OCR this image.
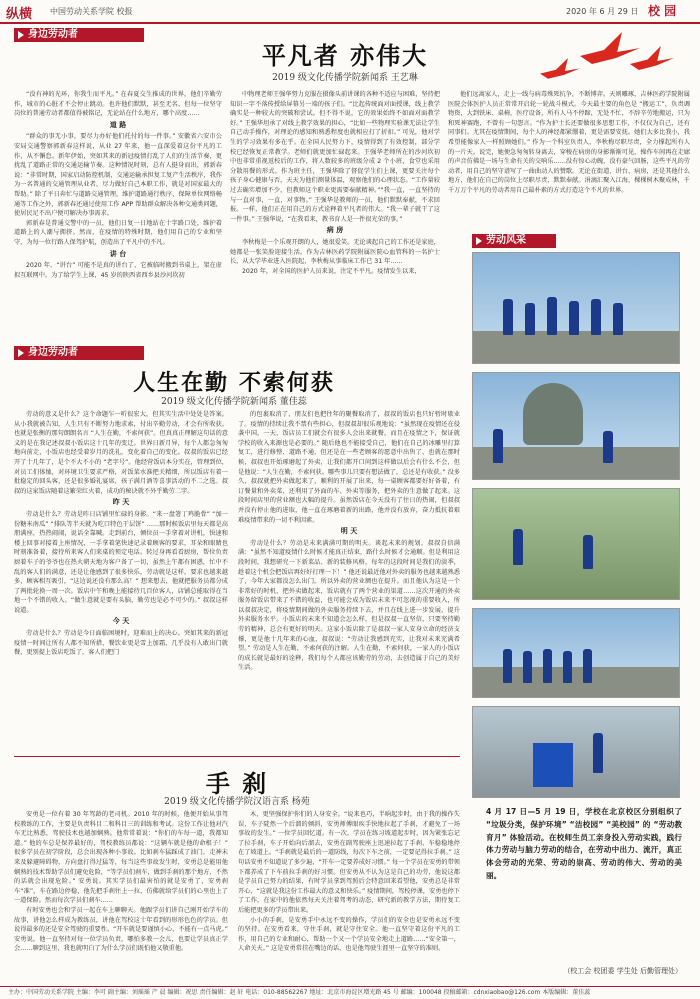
纵横 中国劳动关系学院 校报	2020 年 6 月 29 日 校 园
身边劳动者
平凡者 亦伟大
2019 级文化传播学院新闻系 王艺琳

“没有神的光环，你我生而平凡。” 在春夏交生推成的世界，他们辛勤劳作，城市的心脏才不会停止跳动。也许他们默默，甚至无名，但每一位坚守岗位的普通劳动者都值得被铭记，无论站在什么地方，哪个高度……

道 路

“群众的事无小事，要尽力办好他们托付的每一件事。” 安徽省六安市公安局交通警察郭新春这样说，从业 27 年来，他一直深爱着这份平凡的工作，从不懈怠。新年伊始，突如其来的新冠疫情打乱了人们的生活节奏，更扰乱了道路正常的交通运输节奏。这种情况时刻，总有人挺身而出，郭新春说：“非常时期，国家启动防控机制，交通运输承担复工复产生活秩序，我作为一名普通的交通管理从业者，尽力做好自己本职工作，就是对国家最大的帮助。” 除了平日奔忙与道路交通管理，维护道路通行秩序，保障单位网络畅通等工作之外，郭新春还通过使用工作 APP 帮助群众解决各种交通类问题，使居民足不出户便可解决办事需求。

郭新春是普通交警中的一员，他们日复一日地站在十字路口处，维护着道路上的人潮与拥挤。然而，在疫情的特殊时期，他们用自己的专业和坚守，为每一位行路人保驾护航，创造出了平凡中的不凡。

讲 台

2020 年，“讲台” 可能不是真的讲台了，它被临时搬到书桌上，架在虚拟互联网中。为了给学生上课，45 岁的陕西省西乡县沙河坎初

中物理老师王强华努力克服在摄像头前讲课的各种不适应与困难，坚持把知识一字不落传授给屏幕另一端的孩子们。“比起传统面对面授课，线上教学确实是一种较大的突破和尝试。但不得不说，它的效果始终不如面对面教学好。” 王强华坦承了对线上教学效果的担心，“比如一些物理实验课无法让学生自己动手操作，对理论的感知和熟悉程度也就相应打了折扣。” 可见，他对学生的学习效果有多在乎。在全国人民努力下，疫情得到了有效控制，部分学校已经恢复正常教学。老师们就更加忙碌起来。王强华老师所在的沙河坎初中也非常重视返校后的工作，将人数较多的班级分成 2 个小班，食堂也采用分散用餐的形式。作为班主任，王强华除了督促学生们上课，更要关注每个孩子身心健康与否，天天为他们测量体温，观察他们的心理状态。“工作量较过去确实增加不少，但教师这个职业更需要奉献精神。”“我一直，一直坚持的与一直对事，一直，对事物。” 王强华是教师的一员，他们默默奉献，不求回报。一样，他们正在用自己的方式诠释着平凡者的伟大。“我一辈子就干了这一件事。” 王强华说，“在我看来，教书育人是一件很光荣的事。”

病 房

李秋梅是一个乐观开朗的人，她很爱笑。无论谈起自己的工作还是家庭，她都是一张笑脸迎接生活。作为吉林医药学院附属医院心血管科的一名护士长，从大学毕业进入医院起，李秋梅从事临床工作已 31 年……

2020 年，对全国的医护人员来说，注定不平凡。疫情发生以来，

他们远离家人，走上一线与病毒殊死抗争，不断博弈。天则雕琢，吉林医药学院附属医院会体医护人员正常常开启轮一轮战斗模式。今天最主要的角色是 “搬运工”，负责调物资，大到铁床、桌椅，医疗设备，所有人马不停蹄，无处不忙，不辞辛劳地搬运，只为和死神赛跑，不曾有一句怨言。“作为护士长还要做很多思想工作，不仅仅为自己，还有同事们。尤其在疫情期间，每个人的神经都紧绷着，更是需要安抚。她们大多比我小，我希望能像家人一样照顾她们。” 作为一个科室负责人，李秋梅尽职尽责，全力撑起所有人的一片天。说完，她便急匆匆转身离去，穿梭在病房的身影渐渐可见，操作车间再在走廊的声音仿佛是一场与生命有关的交响乐……没有惊心动魄，没有豪气回肠，这些平凡的劳动者，用自己的坚守谱写了一曲曲动人的赞歌。无论在街道、讲台、病房，还是其他什么地方，他们在自己的岗位上尽职尽责，默默奉献。涓滴汇聚入江海，棵棵树木聚成林，千千万万个平凡的劳动者用自己最朴素的方式打造这个不凡的世界。

劳动风采
4 月 17 日—5 月 19 日，学校在北京校区分别组织了 “垃圾分类，保护环境” “洁校园” “美校园” 的 “劳动教育月” 体验活动。在校师生员工亲身投入劳动实践，践行体力劳动与脑力劳动的结合，在劳动中出力、流汗，真正体会劳动的光荣、劳动的崇高、劳动的伟大、劳动的美丽。
（校工会 校团委 学生处 后勤管理处）
身边劳动者
人生在勤 不索何获
2019 级文化传播学院新闻系 董佳蕊

劳动的意义是什么？这个命题乍一听很宏大，但其实生活中处处是答案。从小我就被告知，人生只有不断努力地求索，付出辛勤劳动，才会有所收获。也就是张衡的那句朗朗名言 “人生在勤，不索何获”。但真真正理解这句话的意义的是在我记述叔叔小饭店这十几年的变迁。世界日新月异，每个人都急匆匆地向前走，小饭店也经受着岁月的洗礼，变化着自己的变化。叔叔的饭店已经开了十几年了，是个不大不小的 “老字号”。他经营饭店本分实在，管理到位，对员工们体恤，对环境卫生要求严格，对饭菜水准把关精细，所以饭店有着一批稳定的回头客，还是很多婚礼宴席，孩子满月酒等喜事活动的不二之选。叔叔的这家饭店随着这繁荣红火着，成功的秘诀就不外乎勤劳二字。

昨 天

劳动是什么？劳动是昨日店铺里忙碌的身影。“来一盘箸丁鸡脆骨” “加一份糖米南瓜” “排队等半天就为吃口特色干层饼” ……那时候饭店里每天都是高朋满座，热热闹闹，说话全靠喊。走到前台，倾位员一手拿着对讲机，快速和楼上回事对接着上座情况，一手拿着笔快速记录着顾客的要求，耳朵和眼睛也时刻准备着，接待所来客人们来桌的预定电话。转过身再看看厨房，帮位负责厨着车子的爷爷也在热火朝天地为客户备了一切，虽然上午都有困惑，忙中不乱的客人们的满意，还是让他感到了很多快乐，劳动就是这样，要求也越来越多，顾客相互吸引，“这边说还没有那么高！” 想来想去，他就把服务员都分成了两批轮换一周一次。饭店中午和晚上能接待几百位客人，店铺总能取得在当地一个不错的收入。“做生意就是要有头脑，勤劳也是必不可少的。” 叔叔这样说道。

今 天

劳动是什么？劳动是今日面临困境时，迎难而上的决心。突如其来的新冠疫情一时间让所有人都不知所措，餐饮业更是雪上加霜，几乎没有人敢出门就餐，更别提上饭店吃饭了，客人们把门

的包裹取消了，朋友们也把往年的聚餐取消了，叔叔的饭店也只好暂时歇业了。疫情的持续让我不禁有些担心，但叔叔却很乐观地说：“虽然现在疫情还在侵袭中国，一天，饭店员工们就会有很多人会出来就餐，而且在疫情之下，保证就学校的收入来源也是必要的。” 随后他也不能接受自己，他们在自己的冰雕里打算复工，进行修整、道路不通，但还是在一些老顾客的愿意中出售了，也就在那时候，叔叔也开始琢磨起了外卖，让我们都开口问到这样做以后会有什么不会，但是他说：“人生在勤，不索何获。哪些事儿只要有想法做了，总还是有收获。” 没多久，叔叔就把外卖做起来了，顺利的开展了出来，每一桌顾客都要好好备着，有订餐量和外卖菜，还利用了外面的车、外卖等服务，把外卖的生意做了起来。这段时间店里的营业额也大幅的提升。虽然饭店在今天没有了往日的热闹，但叔叔并没有停止他的进取，他一直在琢磨着新的出路，他并没有放弃，奋力抵抗着艰难疫情带来的一切不利因素。

明 天

劳动是什么？劳动是未来满满可期的明天。谈起未来的规划，叔叔自信满满：“虽然不知道疫情什么时候才能真正结束，路什么时候才会通顺。但是利用这段时间，我想研究一下新菜品、新的装修风格，每年的这段时间是我们的淡季，趁着这个机会把饭店再好好打理一下！” 他还说最近他对外卖的服务也越来越熟悉了，今年大家都没怎么出门。所以外卖的营业额也在提升。而且他认为这是一个非常好的时机，把外卖做起来，饭店就有了两个营业的渠道……这次开通的外卖服务给饭店带来了不错的收益，也可能会成为饭店未来不可忽视的重要收入，所以叔叔决定，将疫情期间做的外卖服务持续下去，并且在线上进一步发展，提升外卖服务水平。小饭店的未来不知道会怎么样，但是叔叔一直坚信，只要坚持勤劳的精神，总会有更好的明天。这家小饭店除了是叔叔一家人安身立命的经济支撑，更是他十几年来的心血，叔叔说：“劳动让我感到充实，让我对未来充满希望。” 劳动是人生在勤，不索何获的注解。人生在勤，不索何获，一家人的小饭店的成长就是最好的诠释，我们每个人都应该勤劳的劳动，去创造属于自己的美好生活。

手 刹
2019 级文化传播学院汉语言系 杨苑

安勇是一位有着 30 年驾龄的老司机。2010 年的时候，他便开始从事驾校教练的工作，主要是负责科目二和科目三的训练和考试。这份工作让他对汽车无比熟悉，驾驶技术也越加娴熟。他常常着说：“你们的车每一道，我都知道。” 他的车总是保养最好的，驾校教练员都说：“这辆车就是他的命根子！” 很多学员在初学阶段，总会出现各种小事故。比如刹车猛踩成了油门，走神未来及躲避障碍物，方向盘打得过猛等，每当这些事故发生时，安勇总是能用他娴熟的技术帮助学员们避免危险，“等学员们刹车，做到手刹的那个地方，不然的话就会出现危险。” 安勇说。其实学员们最害怕的就是安勇了，安勇刹车“准”，车在路边停稳，他先把手刹往上一拉，仿佛就给学员们的心里也上了一道保险。然而每次学员们刹车……

有时安勇也会和学员一起在车上聊聊天。他跟学员们讲自己刚开始学车的故事，讲他怎么样成为教练员，讲他在驾校这十年看到的形形色色的学员。但说得最多的还是安全驾驶的重要性。“开车就是要谨慎小心，不能有一点马虎。” 安勇说。他一直坚持对每一位学员负责，哪怕多教一会儿，也要让学员真正学会……聊到这里，我也就明白了为什么学员们既怕他又敬重他。

木，更坚强保护你们的人身安全。“说来也巧，半晌起步时，由于我的操作失误，车子陡然一个后溜的倾斜，安勇师傅眼疾手快地拉起了手刹，才避免了一场事故的发生。” 一位学员回忆道。有一次，学员在练习坡道起步时，因为紧张忘记了拉手刹，车子开始向后溜去，安勇在副驾驶座上迅速拉起了手刹，车稳稳地停在了坡道上。“手刹就是最后的一道防线，每次下车之前，一定要记得拉手刹。” 这句话安勇不知道说了多少遍，“开车一定要养成好习惯。” 每一个学员在安勇的带领下都养成了下车前拉手刹的好习惯。但安勇从不认为这是自己的功劳，他说这都是学员自己努力的结果，有时学员拿到驾照后会特意回来看望他，安勇总是非常开心，“这就是我这份工作最大的意义和快乐。” 疫情期间，驾校停课，安勇也停下了工作，在家中的他依然每天关注着驾考的动态，研究新的教学方法，期待复工后能把更多的学员带出来。

小小的手刹，是安勇手中永远不变的操作，学员们的安全也是安勇永远不变的坚持。在安勇看来，守住手刹，就是守住安全。他一直坚守着这份平凡的工作，用自己的专业和耐心，帮助一个又一个学员安全地走上道路……“安全第一，人命关天。” 这是安勇常挂在嘴边的话，也是他驾驶生涯里一直坚守的准则。

主办：中国劳动关系学院 主编：李可 副主编：刘瑶瑶 产 晨 编辑：祝思 责任编辑：赵 轩 电话：010-88562267 地址：北京市海淀区增光路 45 号 邮编：100048 投稿邮箱：cdnxiaobao@126.com 本版编辑：董佳蕊
